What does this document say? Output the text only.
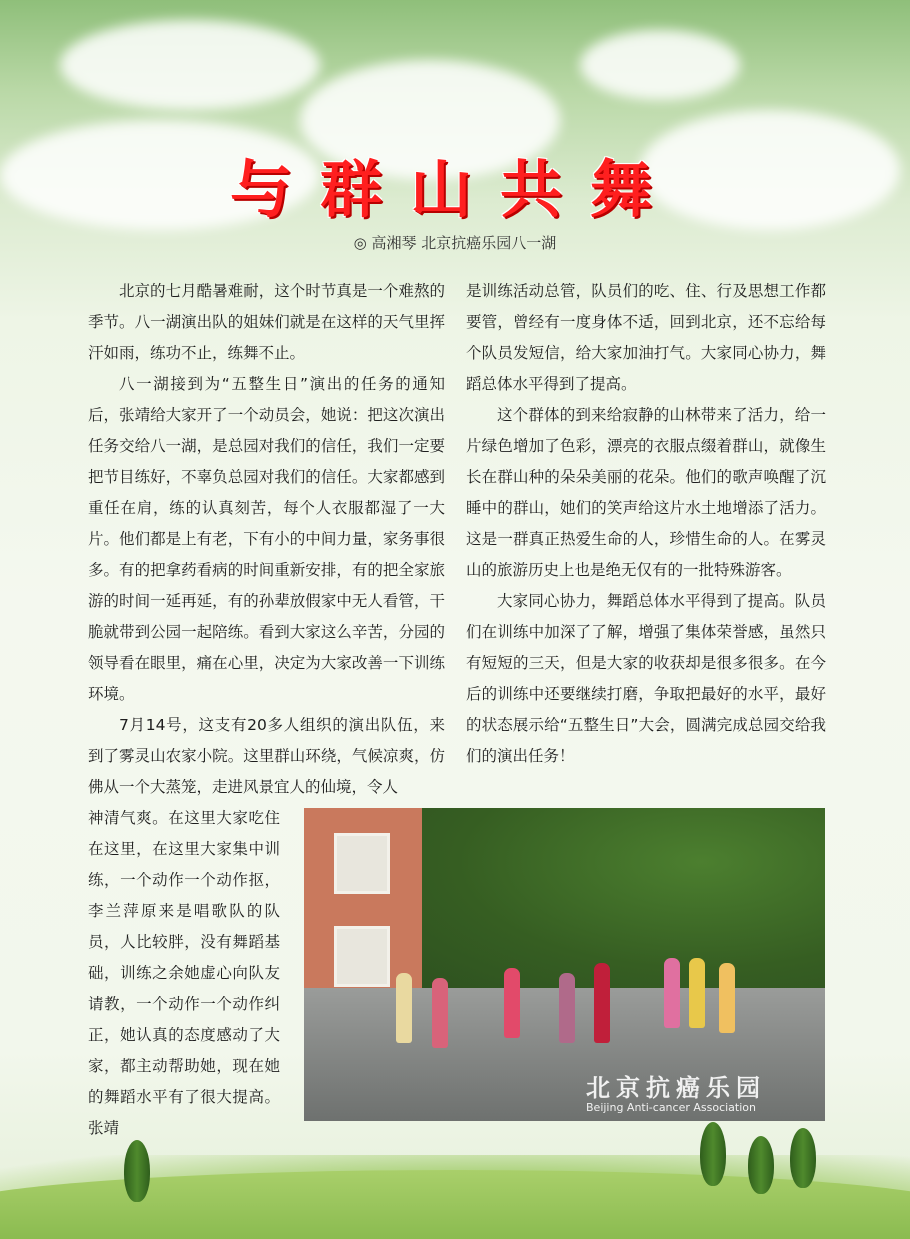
与群山共舞
◎ 高湘琴 北京抗癌乐园八一湖

北京的七月酷暑难耐，这个时节真是一个难熬的季节。八一湖演出队的姐妹们就是在这样的天气里挥汗如雨，练功不止，练舞不止。

八一湖接到为“五整生日”演出的任务的通知后，张靖给大家开了一个动员会，她说：把这次演出任务交给八一湖，是总园对我们的信任，我们一定要把节目练好，不辜负总园对我们的信任。大家都感到重任在肩，练的认真刻苦，每个人衣服都湿了一大片。他们都是上有老，下有小的中间力量，家务事很多。有的把拿药看病的时间重新安排，有的把全家旅游的时间一延再延，有的孙辈放假家中无人看管，干脆就带到公园一起陪练。看到大家这么辛苦，分园的领导看在眼里，痛在心里，决定为大家改善一下训练环境。

7月14号，这支有20多人组织的演出队伍，来到了雾灵山农家小院。这里群山环绕，气候凉爽，仿佛从一个大蒸笼，走进风景宜人的仙境，令人

神清气爽。在这里大家吃住在这里，在这里大家集中训练，一个动作一个动作抠，李兰萍原来是唱歌队的队员，人比较胖，没有舞蹈基础，训练之余她虚心向队友请教，一个动作一个动作纠正，她认真的态度感动了大家，都主动帮助她，现在她的舞蹈水平有了很大提高。张靖

是训练活动总管，队员们的吃、住、行及思想工作都要管，曾经有一度身体不适，回到北京，还不忘给每个队员发短信，给大家加油打气。大家同心协力，舞蹈总体水平得到了提高。

这个群体的到来给寂静的山林带来了活力，给一片绿色增加了色彩，漂亮的衣服点缀着群山，就像生长在群山种的朵朵美丽的花朵。他们的歌声唤醒了沉睡中的群山，她们的笑声给这片水土地增添了活力。这是一群真正热爱生命的人，珍惜生命的人。在雾灵山的旅游历史上也是绝无仅有的一批特殊游客。

大家同心协力，舞蹈总体水平得到了提高。队员们在训练中加深了了解，增强了集体荣誉感，虽然只有短短的三天，但是大家的收获却是很多很多。在今后的训练中还要继续打磨，争取把最好的水平，最好的状态展示给“五整生日”大会，圆满完成总园交给我们的演出任务！

北京抗癌乐园
Beijing Anti-cancer Association
